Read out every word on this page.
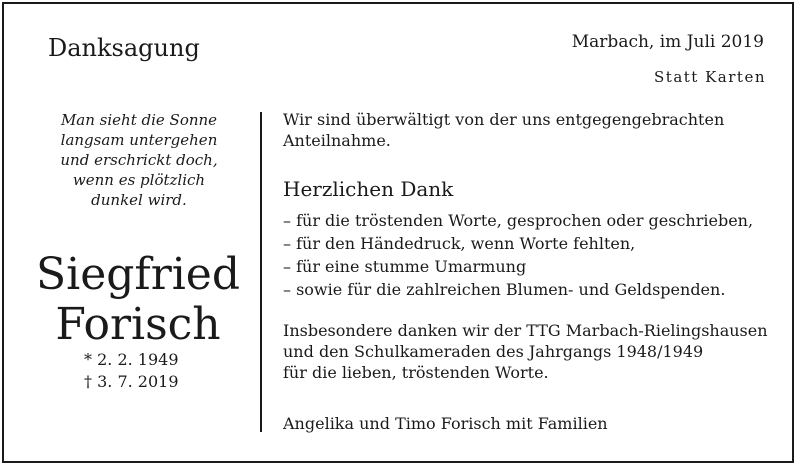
Danksagung	Marbach, im Juli 2019
Statt Karten
Man sieht die Sonne
langsam untergehen
und erschrickt doch,
wenn es plötzlich
dunkel wird.
Siegfried
Forisch
* 2. 2. 1949
† 3. 7. 2019
Wir sind überwältigt von der uns entgegengebrachten
Anteilnahme.
Herzlichen Dank
– für die tröstenden Worte, gesprochen oder geschrieben,
– für den Händedruck, wenn Worte fehlten,
– für eine stumme Umarmung
– sowie für die zahlreichen Blumen- und Geldspenden.
Insbesondere danken wir der TTG Marbach-Rielingshausen
und den Schulkameraden des Jahrgangs 1948/1949
für die lieben, tröstenden Worte.
Angelika und Timo Forisch mit Familien
